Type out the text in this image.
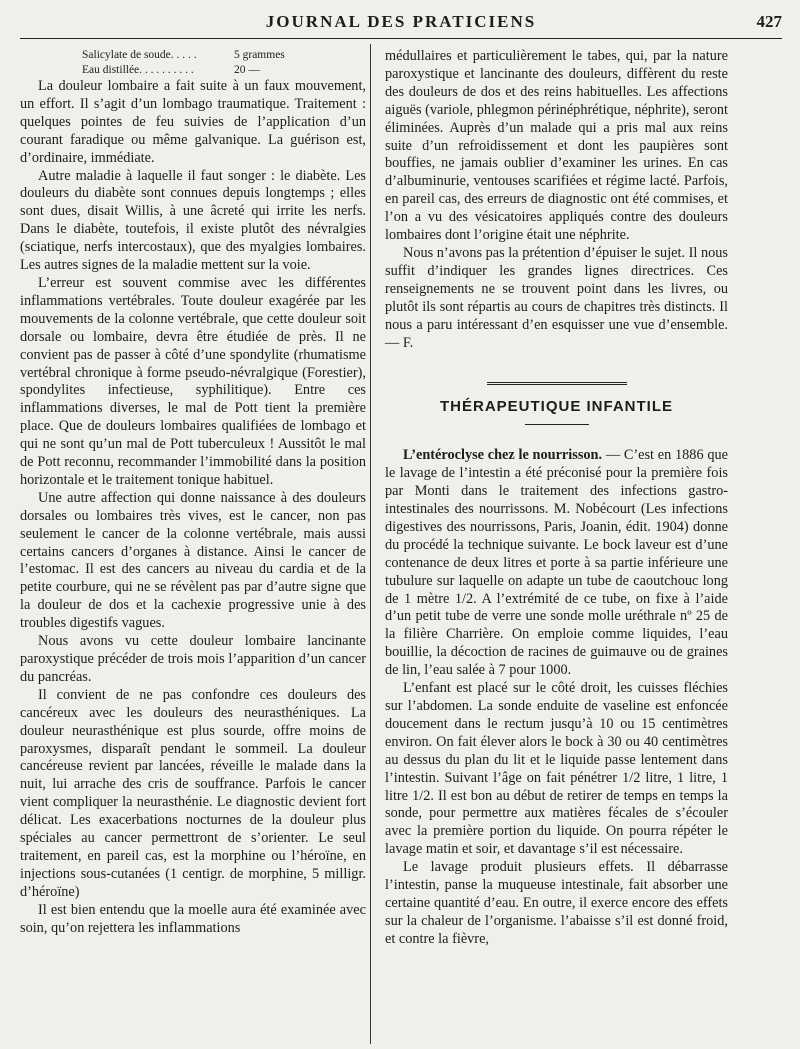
JOURNAL DES PRATICIENS	427
Salicylate de soude. . . . .	5 grammes
Eau distillée. . . . . . . . . .	20 —

La douleur lombaire a fait suite à un faux mouvement, un effort. Il s’agit d’un lombago traumatique. Traitement : quelques pointes de feu suivies de l’application d’un courant faradique ou même galvanique. La guérison est, d’ordinaire, immédiate.

Autre maladie à laquelle il faut songer : le diabète. Les douleurs du diabète sont connues depuis longtemps ; elles sont dues, disait Willis, à une âcreté qui irrite les nerfs. Dans le diabète, toutefois, il existe plutôt des névralgies (sciatique, nerfs intercostaux), que des myalgies lombaires. Les autres signes de la maladie mettent sur la voie.

L’erreur est souvent commise avec les différentes inflammations vertébrales. Toute douleur exagérée par les mouvements de la colonne vertébrale, que cette douleur soit dorsale ou lombaire, devra être étudiée de près. Il ne convient pas de passer à côté d’une spondylite (rhumatisme vertébral chronique à forme pseudo-névralgique (Forestier), spondylites infectieuse, syphilitique). Entre ces inflammations diverses, le mal de Pott tient la première place. Que de douleurs lombaires qualifiées de lombago et qui ne sont qu’un mal de Pott tuberculeux ! Aussitôt le mal de Pott reconnu, recommander l’immobilité dans la position horizontale et le traitement tonique habituel.

Une autre affection qui donne naissance à des douleurs dorsales ou lombaires très vives, est le cancer, non pas seulement le cancer de la colonne vertébrale, mais aussi certains cancers d’organes à distance. Ainsi le cancer de l’estomac. Il est des cancers au niveau du cardia et de la petite courbure, qui ne se révèlent pas par d’autre signe que la douleur de dos et la cachexie progressive unie à des troubles digestifs vagues.

Nous avons vu cette douleur lombaire lancinante paroxystique précéder de trois mois l’apparition d’un cancer du pancréas.

Il convient de ne pas confondre ces douleurs des cancéreux avec les douleurs des neurasthéniques. La douleur neurasthénique est plus sourde, offre moins de paroxysmes, disparaît pendant le sommeil. La douleur cancéreuse revient par lancées, réveille le malade dans la nuit, lui arrache des cris de souffrance. Parfois le cancer vient compliquer la neurasthénie. Le diagnostic devient fort délicat. Les exacerbations nocturnes de la douleur plus spéciales au cancer permettront de s’orienter. Le seul traitement, en pareil cas, est la morphine ou l’héroïne, en injections sous-cutanées (1 centigr. de morphine, 5 milligr. d’héroïne)

Il est bien entendu que la moelle aura été examinée avec soin, qu’on rejettera les inflammations

médullaires et particulièrement le tabes, qui, par la nature paroxystique et lancinante des douleurs, diffèrent du reste des douleurs de dos et des reins habituelles. Les affections aiguës (variole, phlegmon périnéphrétique, néphrite), seront éliminées. Auprès d’un malade qui a pris mal aux reins suite d’un refroidissement et dont les paupières sont bouffies, ne jamais oublier d’examiner les urines. En cas d’albuminurie, ventouses scarifiées et régime lacté. Parfois, en pareil cas, des erreurs de diagnostic ont été commises, et l’on a vu des vésicatoires appliqués contre des douleurs lombaires dont l’origine était une néphrite.

Nous n’avons pas la prétention d’épuiser le sujet. Il nous suffit d’indiquer les grandes lignes directrices. Ces renseignements ne se trouvent point dans les livres, ou plutôt ils sont répartis au cours de chapitres très distincts. Il nous a paru intéressant d’en esquisser une vue d’ensemble. — F.

THÉRAPEUTIQUE INFANTILE

L’entéroclyse chez le nourrisson. — C’est en 1886 que le lavage de l’intestin a été préconisé pour la première fois par Monti dans le traitement des infections gastro-intestinales des nourrissons. M. Nobécourt (Les infections digestives des nourrissons, Paris, Joanin, édit. 1904) donne du procédé la technique suivante. Le bock laveur est d’une contenance de deux litres et porte à sa partie inférieure une tubulure sur laquelle on adapte un tube de caoutchouc long de 1 mètre 1/2. A l’extrémité de ce tube, on fixe à l’aide d’un petit tube de verre une sonde molle uréthrale nº 25 de la filière Charrière. On emploie comme liquides, l’eau bouillie, la décoction de racines de guimauve ou de graines de lin, l’eau salée à 7 pour 1000.

L’enfant est placé sur le côté droit, les cuisses fléchies sur l’abdomen. La sonde enduite de vaseline est enfoncée doucement dans le rectum jusqu’à 10 ou 15 centimètres environ. On fait élever alors le bock à 30 ou 40 centimètres au dessus du plan du lit et le liquide passe lentement dans l’intestin. Suivant l’âge on fait pénétrer 1/2 litre, 1 litre, 1 litre 1/2. Il est bon au début de retirer de temps en temps la sonde, pour permettre aux matières fécales de s’écouler avec la première portion du liquide. On pourra répéter le lavage matin et soir, et davantage s’il est nécessaire.

Le lavage produit plusieurs effets. Il débarrasse l’intestin, panse la muqueuse intestinale, fait absorber une certaine quantité d’eau. En outre, il exerce encore des effets sur la chaleur de l’organisme. l’abaisse s’il est donné froid, et contre la fièvre,
